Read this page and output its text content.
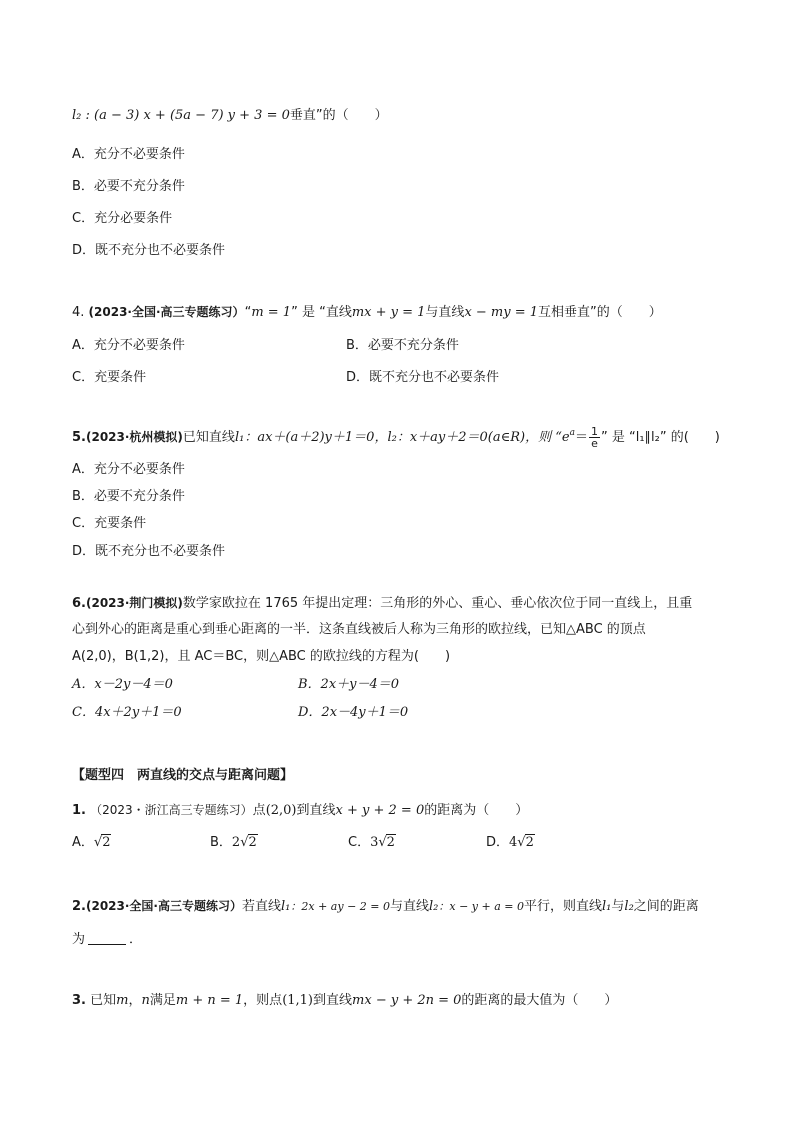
l₂ : (a − 3) x + (5a − 7) y + 3 = 0垂直”的（　　）
A．充分不必要条件
B．必要不充分条件
C．充分必要条件
D．既不充分也不必要条件
4. (2023·全国·高三专题练习）“m = 1” 是 “直线mx + y = 1与直线x − my = 1互相垂直”的（　　）
A．充分不必要条件	B．必要不充分条件
C．充要条件	D．既不充分也不必要条件
5.(2023·杭州模拟)已知直线l₁：ax＋(a＋2)y＋1＝0，l₂：x＋ay＋2＝0(a∈R)，则 “$e^a= \frac{1}{e}$ ” 是 “l₁∥l₂” 的(　　)
A．充分不必要条件
B．必要不充分条件
C．充要条件
D．既不充分也不必要条件
6.(2023·荆门模拟)数学家欧拉在 1765 年提出定理：三角形的外心、重心、垂心依次位于同一直线上，且重
心到外心的距离是重心到垂心距离的一半．这条直线被后人称为三角形的欧拉线，已知△ABC 的顶点
A(2,0)，B(1,2)，且 AC＝BC，则△ABC 的欧拉线的方程为(　　)
A．x－2y－4＝0	B．2x＋y－4＝0
C．4x＋2y＋1＝0	D．2x－4y＋1＝0
【题型四　两直线的交点与距离问题】
1. （2023・浙江高三专题练习）点(2,0)到直线x + y + 2 = 0的距离为（　　）
A．√2	B．2√2	C．3√2	D．4√2
2.(2023·全国·高三专题练习）若直线l₁：2x + ay − 2 = 0与直线l₂：x − y + a = 0平行，则直线l₁与l₂之间的距离
为	．
3. 已知m，n满足m + n = 1，则点(1,1)到直线mx − y + 2n = 0的距离的最大值为（　　）
